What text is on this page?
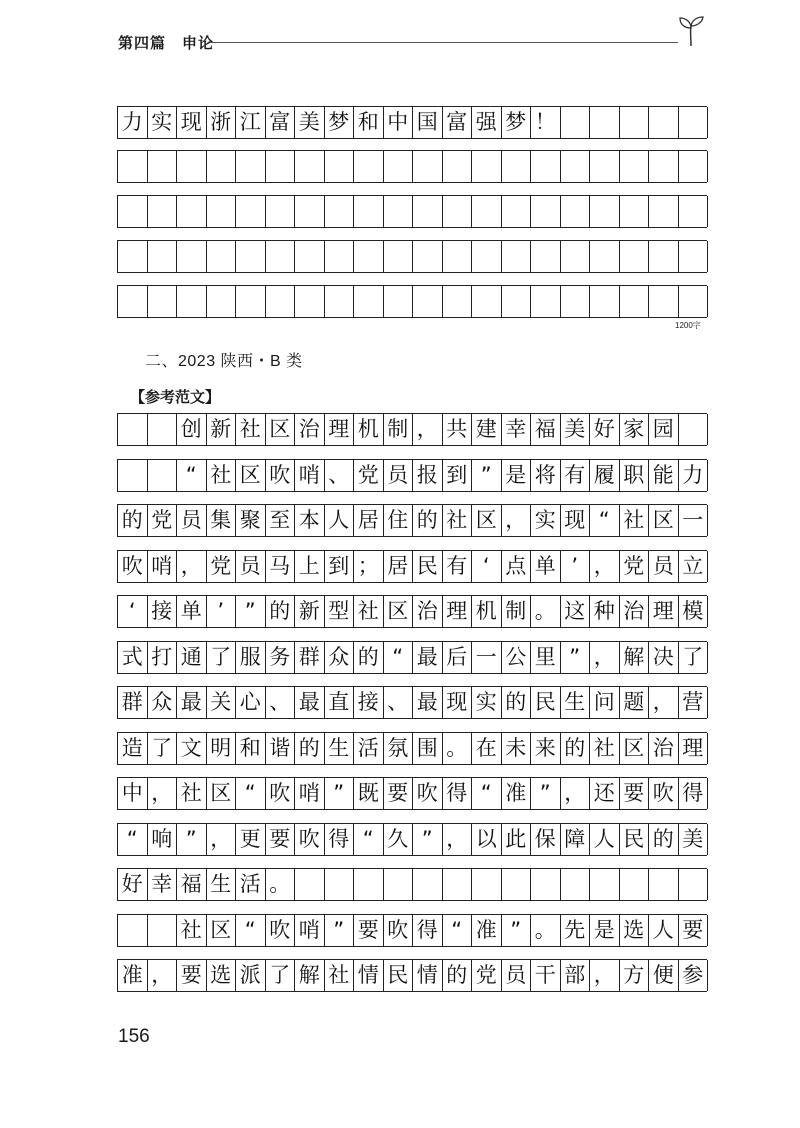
第四篇　申论
力 实 现 浙 江 富 美 梦 和 中 国 富 强 梦 ！
1200字
二、2023 陕西・B 类
【参考范文】
创 新 社 区 治 理 机 制 ， 共 建 幸 福 美 好 家 园
“ 社 区 吹 哨 、 党 员 报 到 ” 是 将 有 履 职 能 力
的 党 员 集 聚 至 本 人 居 住 的 社 区 ， 实 现 “ 社 区 一
吹 哨 ， 党 员 马 上 到 ； 居 民 有 ‘ 点 单 ’ ， 党 员 立
‘ 接 单 ’ ” 的 新 型 社 区 治 理 机 制 。 这 种 治 理 模
式 打 通 了 服 务 群 众 的 “ 最 后 一 公 里 ” ， 解 决 了
群 众 最 关 心 、 最 直 接 、 最 现 实 的 民 生 问 题 ， 营
造 了 文 明 和 谐 的 生 活 氛 围 。 在 未 来 的 社 区 治 理
中 ， 社 区 “ 吹 哨 ” 既 要 吹 得 “ 准 ” ， 还 要 吹 得
“ 响 ” ， 更 要 吹 得 “ 久 ” ， 以 此 保 障 人 民 的 美
好 幸 福 生 活 。
社 区 “ 吹 哨 ” 要 吹 得 “ 准 ” 。 先 是 选 人 要
准 ， 要 选 派 了 解 社 情 民 情 的 党 员 干 部 ， 方 便 参
156
